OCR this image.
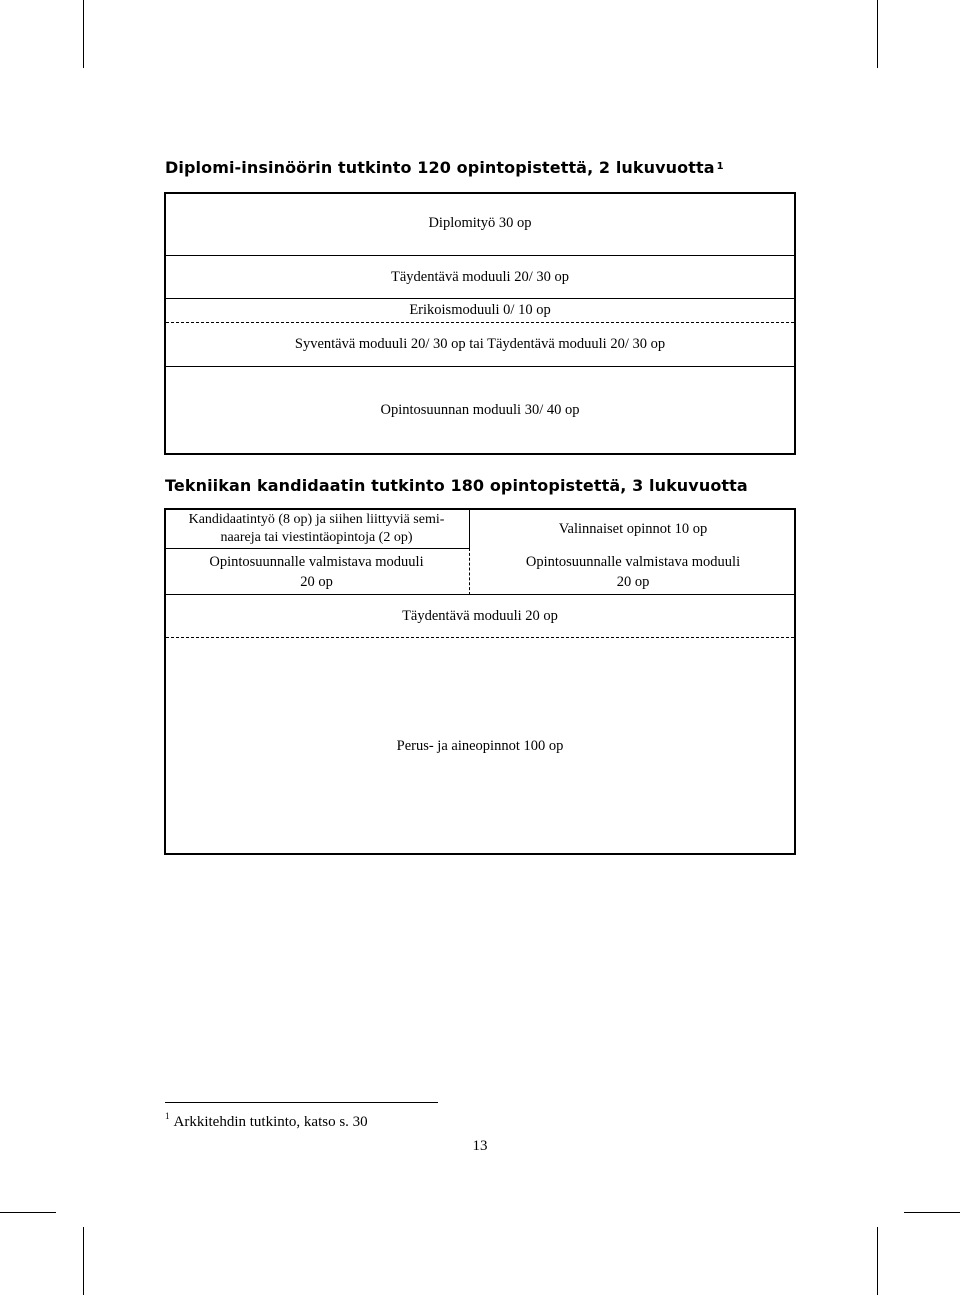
Diplomi-insinöörin tutkinto 120 opintopistettä, 2 lukuvuotta $^1$
Diplomityö 30 op
Täydentävä moduuli 20/ 30 op
Erikoismoduuli 0/ 10 op
Syventävä moduuli 20/ 30 op tai Täydentävä moduuli 20/ 30 op
Opintosuunnan moduuli 30/ 40 op
Tekniikan kandidaatin tutkinto 180 opintopistettä, 3 lukuvuotta
Kandidaatintyö (8 op) ja siihen liittyviä semi-
naareja tai viestintäopintoja (2 op)
Valinnaiset opinnot 10 op
Opintosuunnalle valmistava moduuli
20 op
Opintosuunnalle valmistava moduuli
20 op
Täydentävä moduuli 20 op
Perus- ja aineopinnot 100 op
$^1$ Arkkitehdin tutkinto, katso s. 30
13
